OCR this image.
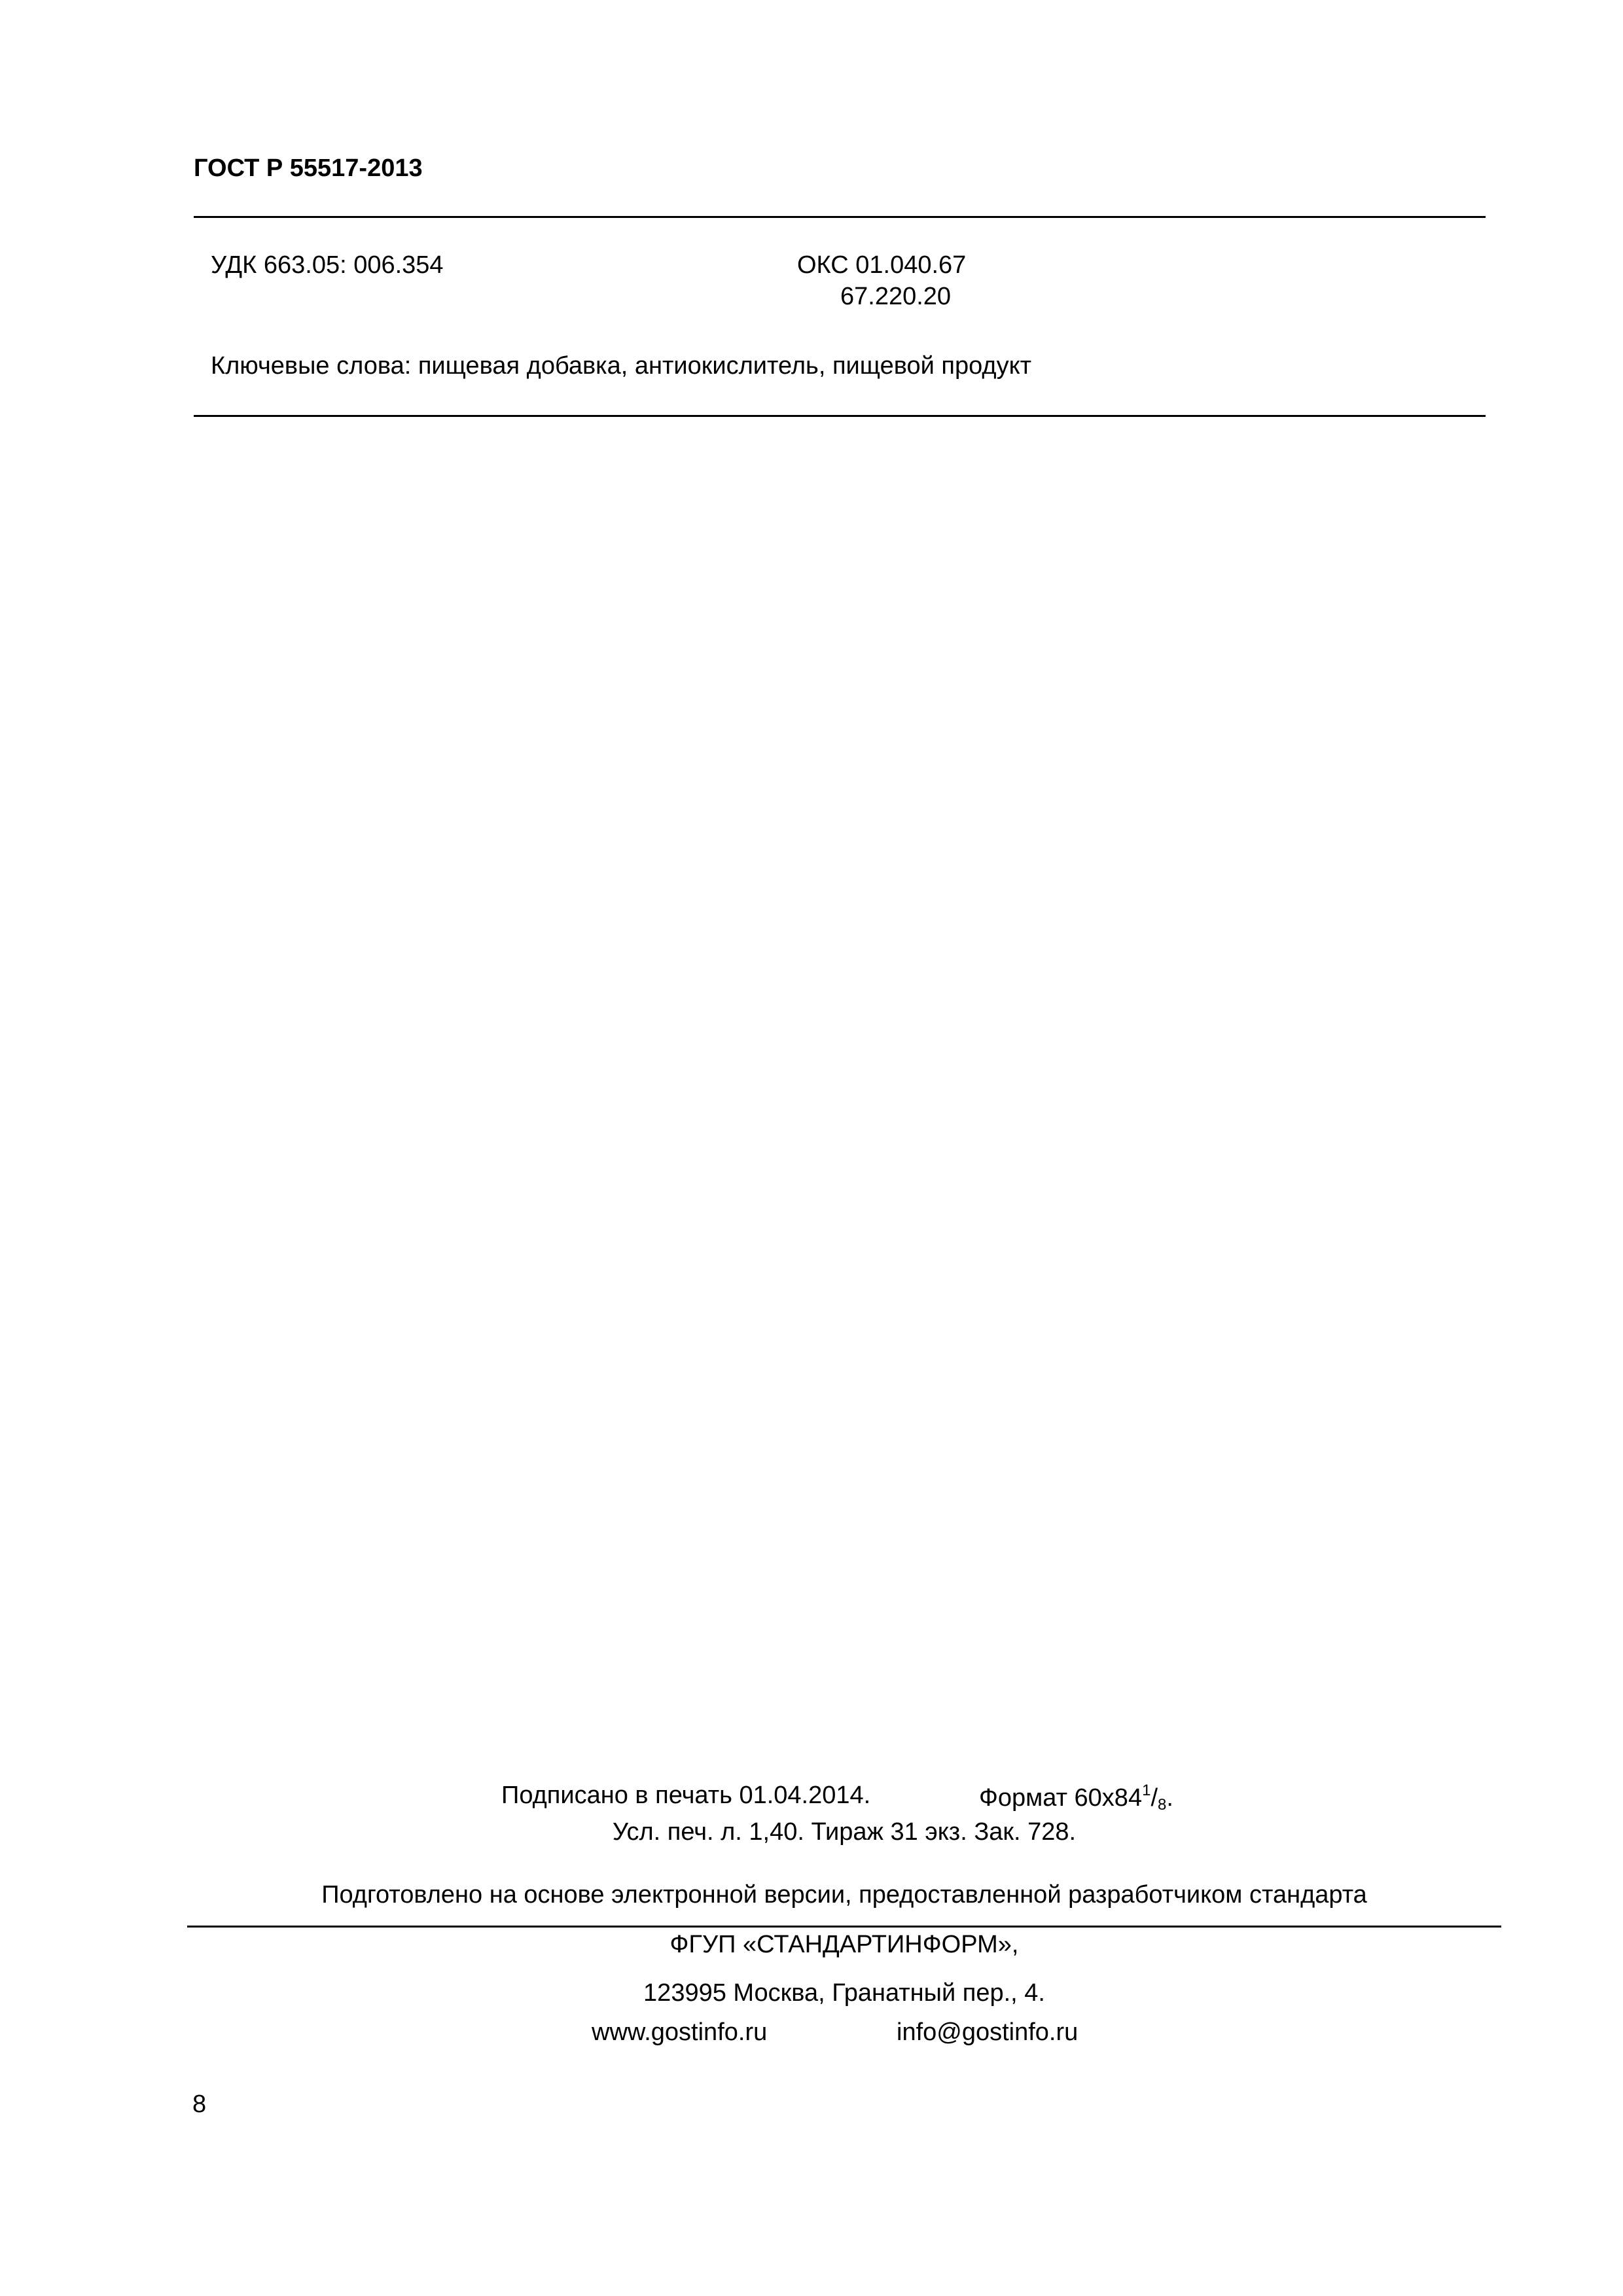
ГОСТ Р 55517-2013
УДК 663.05: 006.354	ОКС 01.040.67
67.220.20
Ключевые слова: пищевая добавка, антиокислитель, пищевой продукт
Подписано в печать 01.04.2014.	Формат $60x84^1/_8$.
Усл. печ. л. 1,40. Тираж 31 экз. Зак. 728.
Подготовлено на основе электронной версии, предоставленной разработчиком стандарта
ФГУП «СТАНДАРТИНФОРМ»,
123995 Москва, Гранатный пер., 4.
www.gostinfo.ru	info@gostinfo.ru
8
